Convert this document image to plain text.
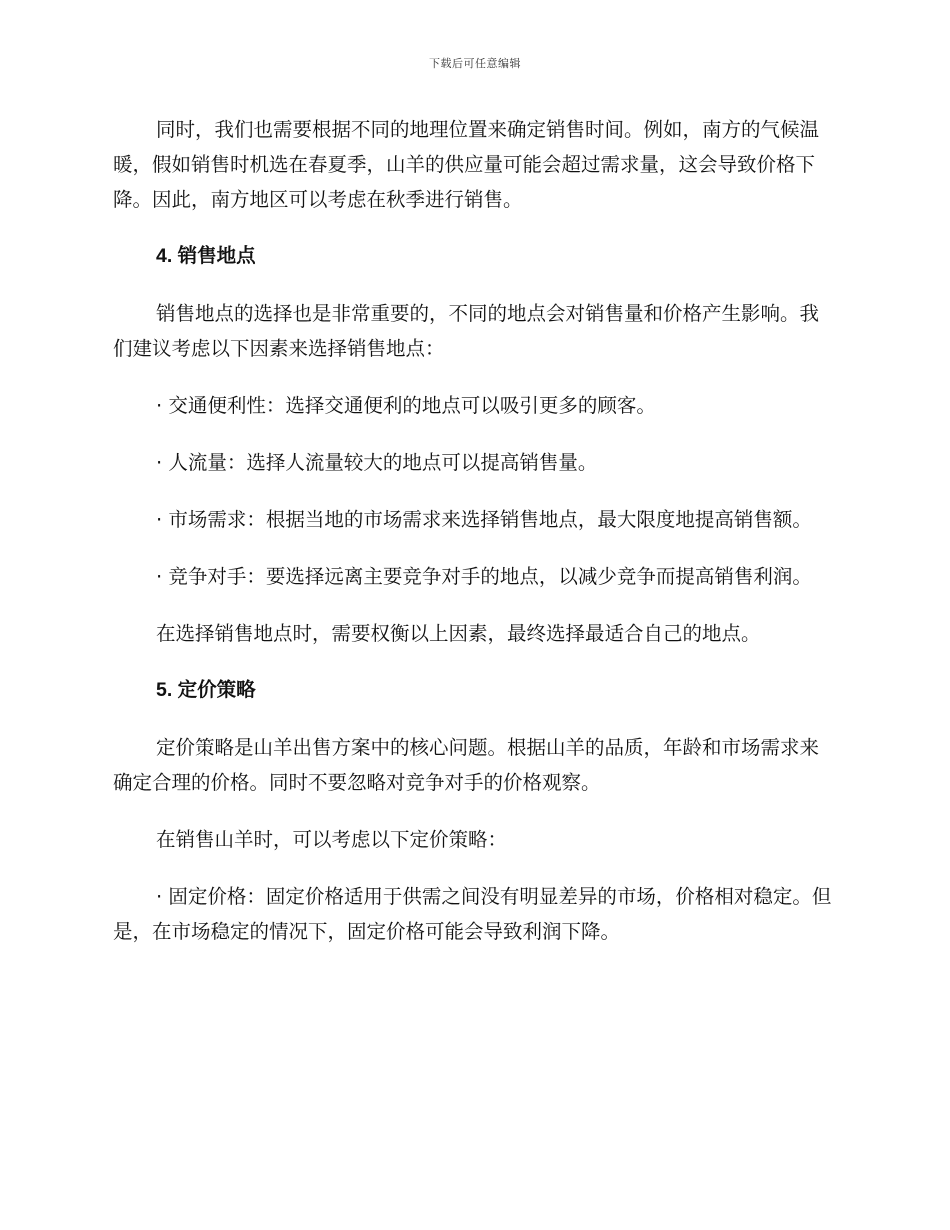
下载后可任意编辑

同时，我们也需要根据不同的地理位置来确定销售时间。例如，南方的气候温暖，假如销售时机选在春夏季，山羊的供应量可能会超过需求量，这会导致价格下降。因此，南方地区可以考虑在秋季进行销售。

4. 销售地点

销售地点的选择也是非常重要的，不同的地点会对销售量和价格产生影响。我们建议考虑以下因素来选择销售地点：

· 交通便利性：选择交通便利的地点可以吸引更多的顾客。

· 人流量：选择人流量较大的地点可以提高销售量。

· 市场需求：根据当地的市场需求来选择销售地点，最大限度地提高销售额。

· 竞争对手：要选择远离主要竞争对手的地点，以减少竞争而提高销售利润。

在选择销售地点时，需要权衡以上因素，最终选择最适合自己的地点。

5. 定价策略

定价策略是山羊出售方案中的核心问题。根据山羊的品质，年龄和市场需求来确定合理的价格。同时不要忽略对竞争对手的价格观察。

在销售山羊时，可以考虑以下定价策略：

· 固定价格：固定价格适用于供需之间没有明显差异的市场，价格相对稳定。但是，在市场稳定的情况下，固定价格可能会导致利润下降。
